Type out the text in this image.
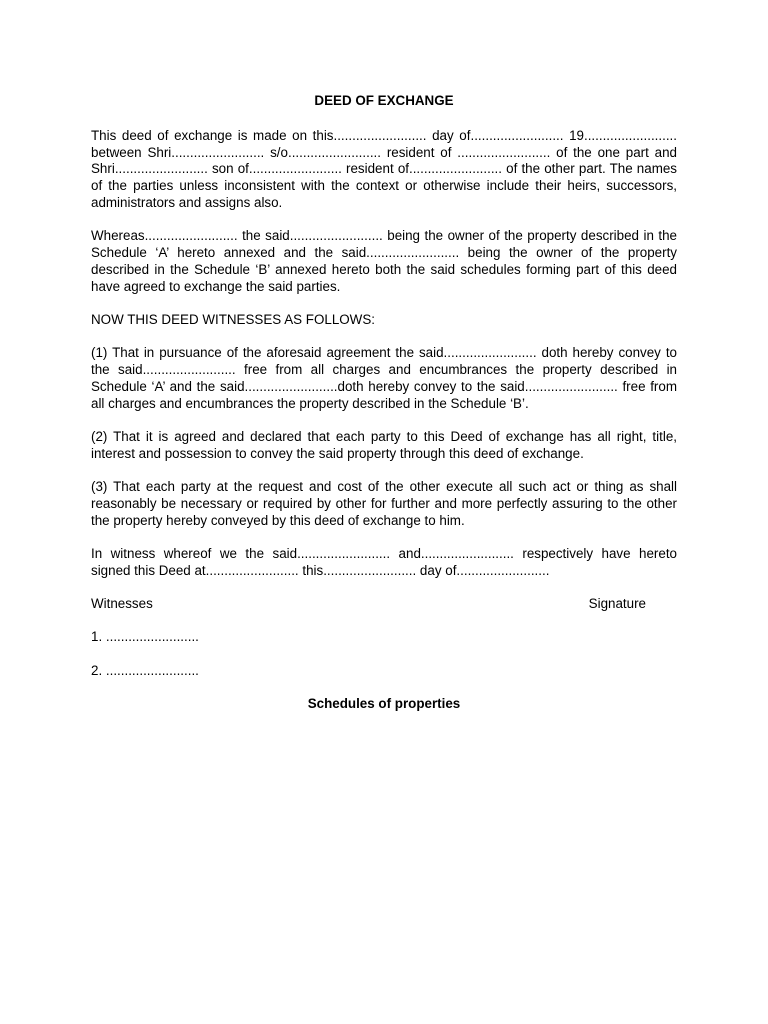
DEED OF EXCHANGE

This deed of exchange is made on this......................... day of......................... 19......................... between Shri......................... s/o......................... resident of ......................... of the one part and Shri......................... son of......................... resident of......................... of the other part. The names of the parties unless inconsistent with the context or otherwise include their heirs, successors, administrators and assigns also.

Whereas......................... the said......................... being the owner of the property described in the Schedule ‘A’ hereto annexed and the said......................... being the owner of the property described in the Schedule ‘B’ annexed hereto both the said schedules forming part of this deed have agreed to exchange the said parties.

NOW THIS DEED WITNESSES AS FOLLOWS:

(1) That in pursuance of the aforesaid agreement the said......................... doth hereby convey to the said......................... free from all charges and encumbrances the property described in Schedule ‘A’ and the said.........................doth hereby convey to the said......................... free from all charges and encumbrances the property described in the Schedule ‘B’.

(2) That it is agreed and declared that each party to this Deed of exchange has all right, title, interest and possession to convey the said property through this deed of exchange.

(3) That each party at the request and cost of the other execute all such act or thing as shall reasonably be necessary or required by other for further and more perfectly assuring to the other the property hereby conveyed by this deed of exchange to him.

In witness whereof we the said......................... and......................... respectively have hereto signed this Deed at......................... this......................... day of.........................

Witnesses	Signature

1. .........................

2. .........................

Schedules of properties
